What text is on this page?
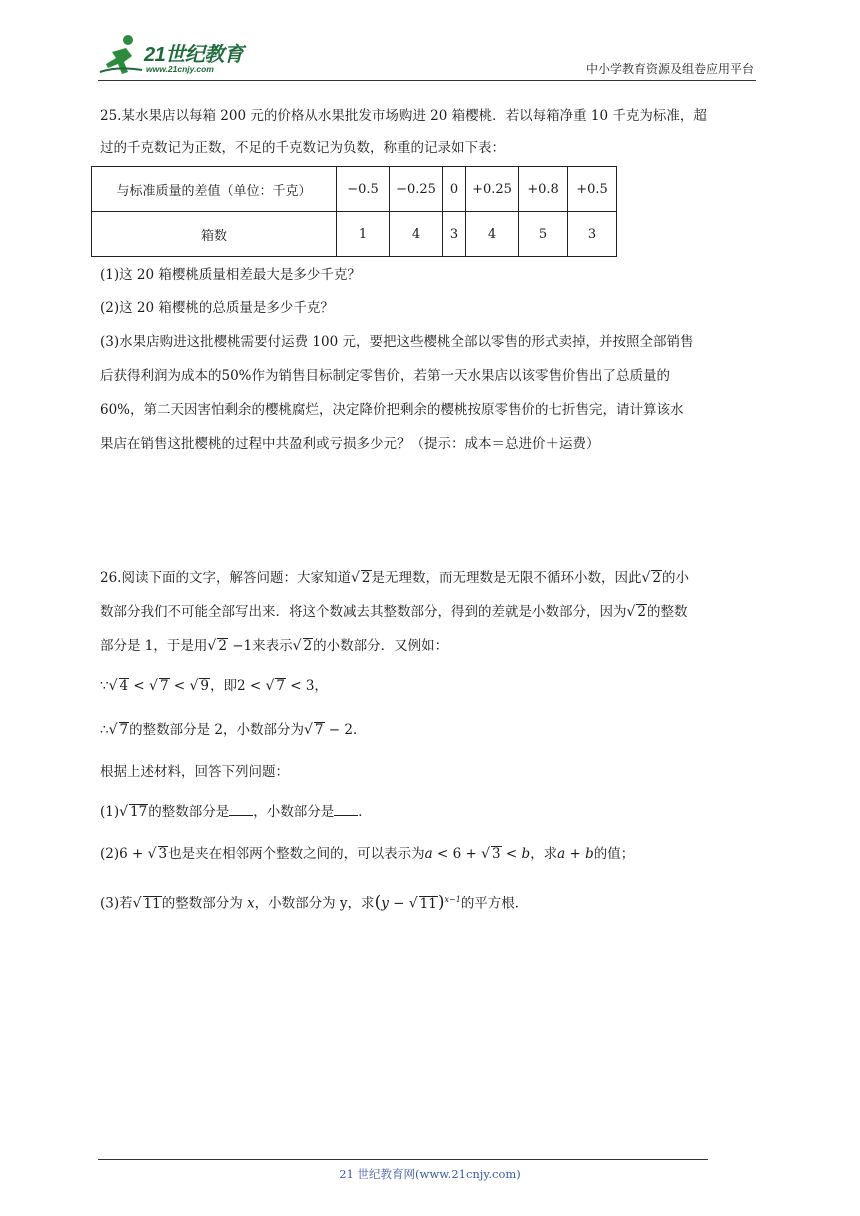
21世纪教育
www.21cnjy.com	中小学教育资源及组卷应用平台
25.某水果店以每箱 200 元的价格从水果批发市场购进 20 箱樱桃．若以每箱净重 10 千克为标准，超
过的千克数记为正数，不足的千克数记为负数，称重的记录如下表：
与标准质量的差值（单位：千克）	−0.5	−0.25	0	+0.25	+0.8	+0.5
箱数	1	4	3	4	5	3
(1)这 20 箱樱桃质量相差最大是多少千克？
(2)这 20 箱樱桃的总质量是多少千克？
(3)水果店购进这批樱桃需要付运费 100 元，要把这些樱桃全部以零售的形式卖掉，并按照全部销售
后获得利润为成本的50%作为销售目标制定零售价，若第一天水果店以该零售价售出了总质量的
60%，第二天因害怕剩余的樱桃腐烂，决定降价把剩余的樱桃按原零售价的七折售完，请计算该水
果店在销售这批樱桃的过程中共盈利或亏损多少元？（提示：成本＝总进价＋运费）
26.阅读下面的文字，解答问题：大家知道√ 2是无理数，而无理数是无限不循环小数，因此√ 2的小
数部分我们不可能全部写出来．将这个数减去其整数部分，得到的差就是小数部分，因为√ 2的整数
部分是 1，于是用√ 2 −1来表示√ 2的小数部分．又例如：
∵√ 4 < √ 7 < √ 9，即2 < √ 7 < 3，
∴√ 7的整数部分是 2，小数部分为√ 7 − 2．
根据上述材料，回答下列问题：
(1)√ 17的整数部分是 ，小数部分是 ．
(2)6 + √ 3也是夹在相邻两个整数之间的，可以表示为a < 6 + √ 3 < b，求a + b的值；
(3)若√ 11的整数部分为 x，小数部分为 y，求(y − √ 11)$^{x-1}$的平方根．
21 世纪教育网(www.21cnjy.com)
